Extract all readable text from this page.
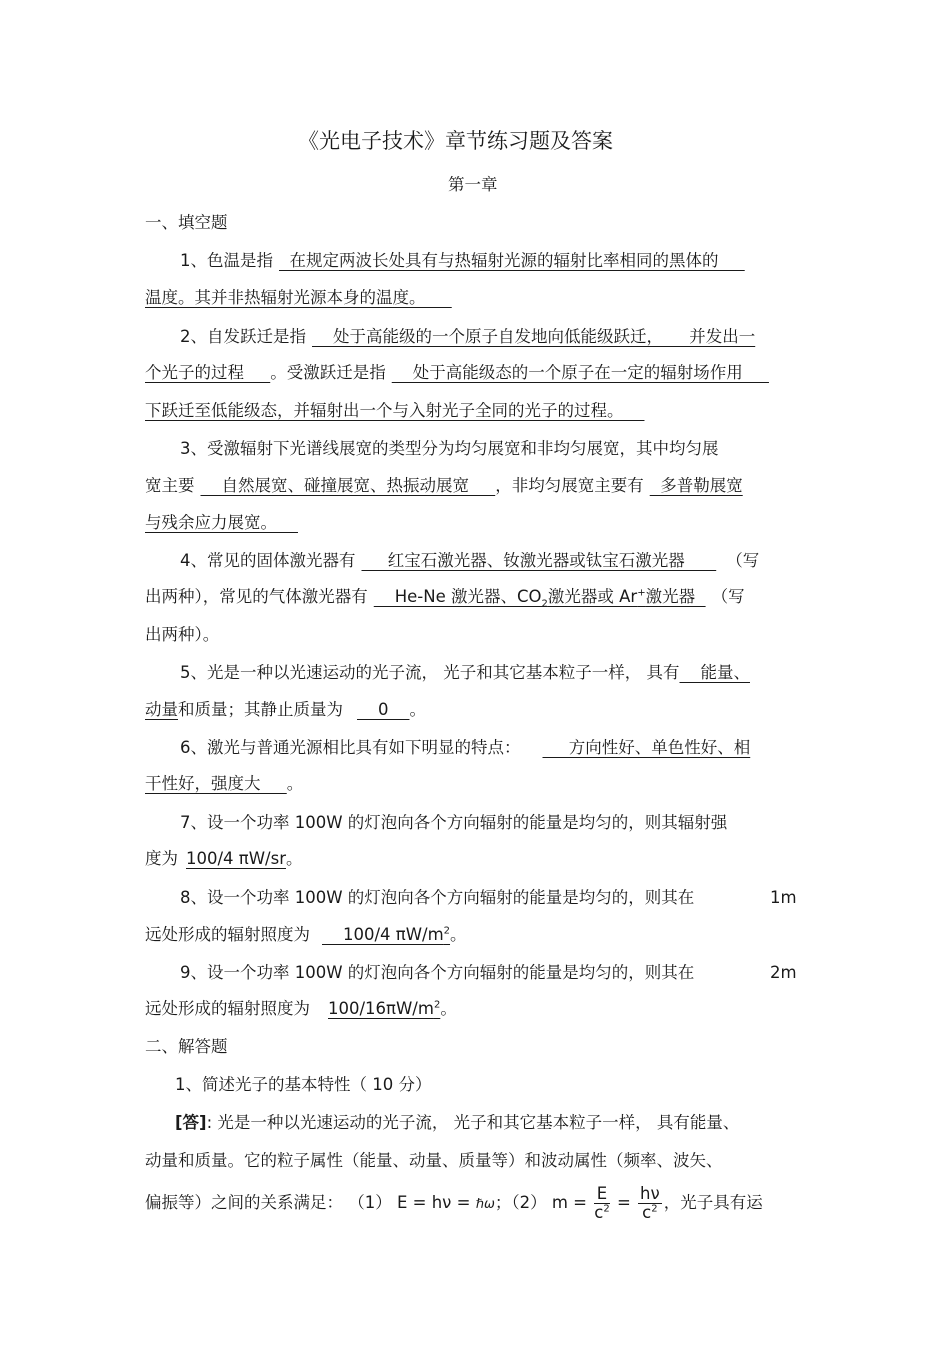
《光电子技术》章节练习题及答案
第一章
一、填空题
1、色温是指  在规定两波长处具有与热辐射光源的辐射比率相同的黑体的
温度。其并非热辐射光源本身的温度。
2、自发跃迁是指    处于高能级的一个原子自发地向低能级跃迁，     并发出一
个光子的过程     。受激跃迁是指    处于高能级态的一个原子在一定的辐射场作用
下跃迁至低能级态，并辐射出一个与入射光子全同的光子的过程。
3、受激辐射下光谱线展宽的类型分为均匀展宽和非均匀展宽，其中均匀展
宽主要    自然展宽、碰撞展宽、热振动展宽     ，非均匀展宽主要有  多普勒展宽
与残余应力展宽。
4、常见的固体激光器有     红宝石激光器、钕激光器或钛宝石激光器      （写
出两种），常见的气体激光器有    He-Ne 激光器、$CO_2$激光器或 Ar+激光器  （写
出两种）。
5、光是一种以光速运动的光子流， 光子和其它基本粒子一样， 具有    能量、
动量和质量；其静止质量为    0    。
6、激光与普通光源相比具有如下明显的特点：     方向性好、单色性好、相
干性好，强度大     。
7、设一个功率 100W 的灯泡向各个方向辐射的能量是均匀的，则其辐射强
度为 100/4 πW/sr。
8、设一个功率 100W 的灯泡向各个方向辐射的能量是均匀的，则其在	1m
远处形成的辐射照度为    100/4 $\pi W/m^2$。
9、设一个功率 100W 的灯泡向各个方向辐射的能量是均匀的，则其在	2m
远处形成的辐射照度为 $100/16\pi W/m^2$。
二、解答题
1、简述光子的基本特性（ 10 分）
[答]: 光是一种以光速运动的光子流， 光子和其它基本粒子一样， 具有能量、
动量和质量。它的粒子属性（能量、动量、质量等）和波动属性（频率、波矢、
偏振等）之间的关系满足： （1） E = hν = ℏω；（2） $m = \frac{E}{c^2} = \frac{h\nu}{c^2}$ ，光子具有运
